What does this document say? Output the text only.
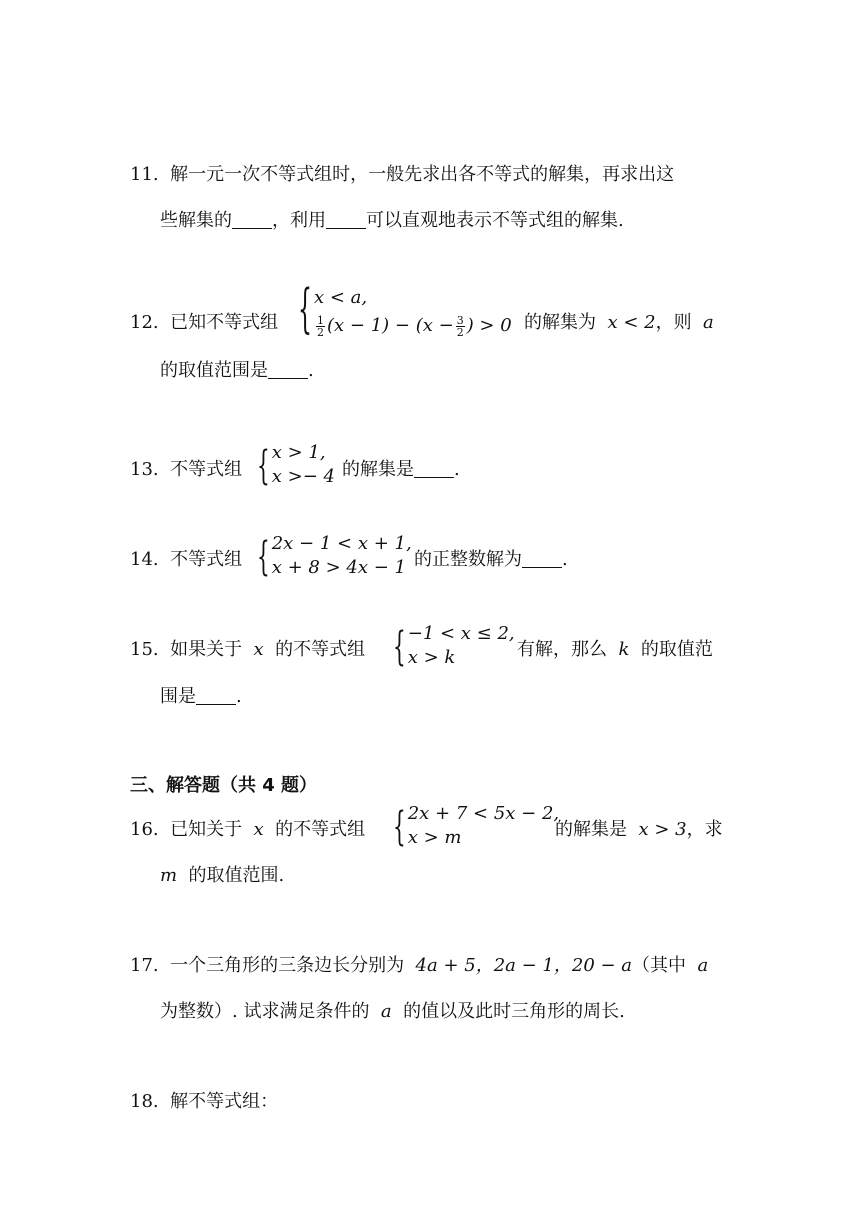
11. 解一元一次不等式组时，一般先求出各不等式的解集，再求出这
些解集的 ，利用 可以直观地表示不等式组的解集.
12. 已知不等式组 { x < a,
$\frac{1}{2} (x - 1) - (x - \frac{3}{2}$ ) > 0 的解集为 x < 2，则 a
的取值范围是 .
13. 不等式组 { x > 1,
x >− 4 的解集是 .
14. 不等式组 { 2x − 1 < x + 1,
x + 8 > 4x − 1 的正整数解为 .
15. 如果关于 x 的不等式组 { −1 < x ≤ 2,
x > k	有解，那么 k 的取值范
围是 .
三、解答题（共 4 题）
16. 已知关于 x 的不等式组 { 2x + 7 < 5x − 2,
x > m	的解集是 x > 3，求
m 的取值范围.
17. 一个三角形的三条边长分别为 4a + 5，2a − 1，20 − a（其中 a
为整数）. 试求满足条件的 a 的值以及此时三角形的周长.
18. 解不等式组：
